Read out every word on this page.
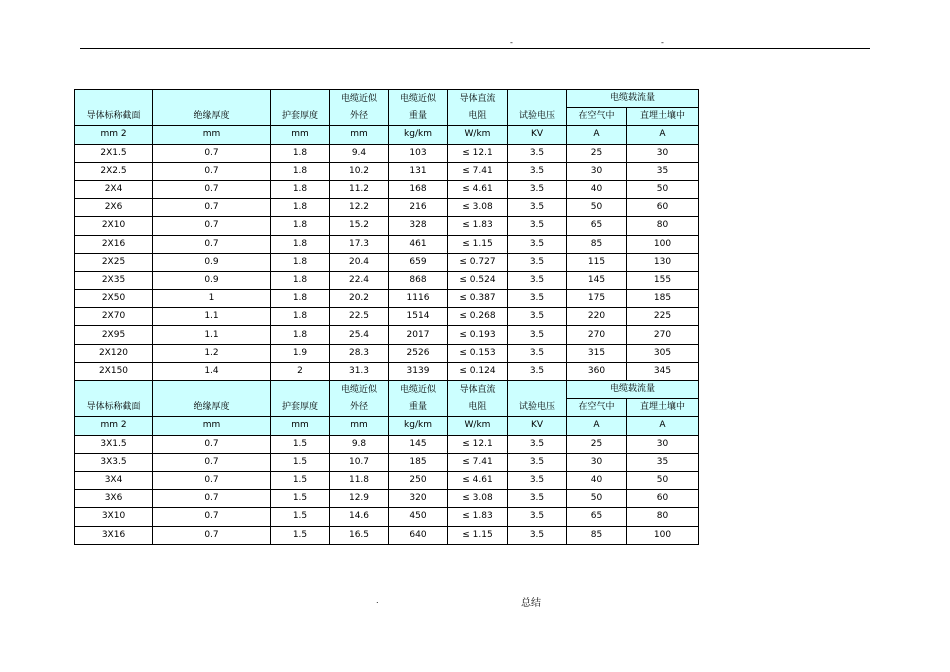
-	-
导体标称截面	绝缘厚度	护套厚度	电缆近似外径	电缆近似重量	导体直流电阻	试验电压	电缆载流量	
							在空气中	直埋土壤中
mm 2	mm	mm	mm	kg/km	W/km	KV	A	A
2X1.5	0.7	1.8	9.4	103	≤ 12.1	3.5	25	30
2X2.5	0.7	1.8	10.2	131	≤ 7.41	3.5	30	35
2X4	0.7	1.8	11.2	168	≤ 4.61	3.5	40	50
2X6	0.7	1.8	12.2	216	≤ 3.08	3.5	50	60
2X10	0.7	1.8	15.2	328	≤ 1.83	3.5	65	80
2X16	0.7	1.8	17.3	461	≤ 1.15	3.5	85	100
2X25	0.9	1.8	20.4	659	≤ 0.727	3.5	115	130
2X35	0.9	1.8	22.4	868	≤ 0.524	3.5	145	155
2X50	1	1.8	20.2	1116	≤ 0.387	3.5	175	185
2X70	1.1	1.8	22.5	1514	≤ 0.268	3.5	220	225
2X95	1.1	1.8	25.4	2017	≤ 0.193	3.5	270	270
2X120	1.2	1.9	28.3	2526	≤ 0.153	3.5	315	305
2X150	1.4	2	31.3	3139	≤ 0.124	3.5	360	345
导体标称截面	绝缘厚度	护套厚度	电缆近似外径	电缆近似重量	导体直流电阻	试验电压	电缆载流量	
							在空气中	直埋土壤中
mm 2	mm	mm	mm	kg/km	W/km	KV	A	A
3X1.5	0.7	1.5	9.8	145	≤ 12.1	3.5	25	30
3X3.5	0.7	1.5	10.7	185	≤ 7.41	3.5	30	35
3X4	0.7	1.5	11.8	250	≤ 4.61	3.5	40	50
3X6	0.7	1.5	12.9	320	≤ 3.08	3.5	50	60
3X10	0.7	1.5	14.6	450	≤ 1.83	3.5	65	80
3X16	0.7	1.5	16.5	640	≤ 1.15	3.5	85	100
.	总结
